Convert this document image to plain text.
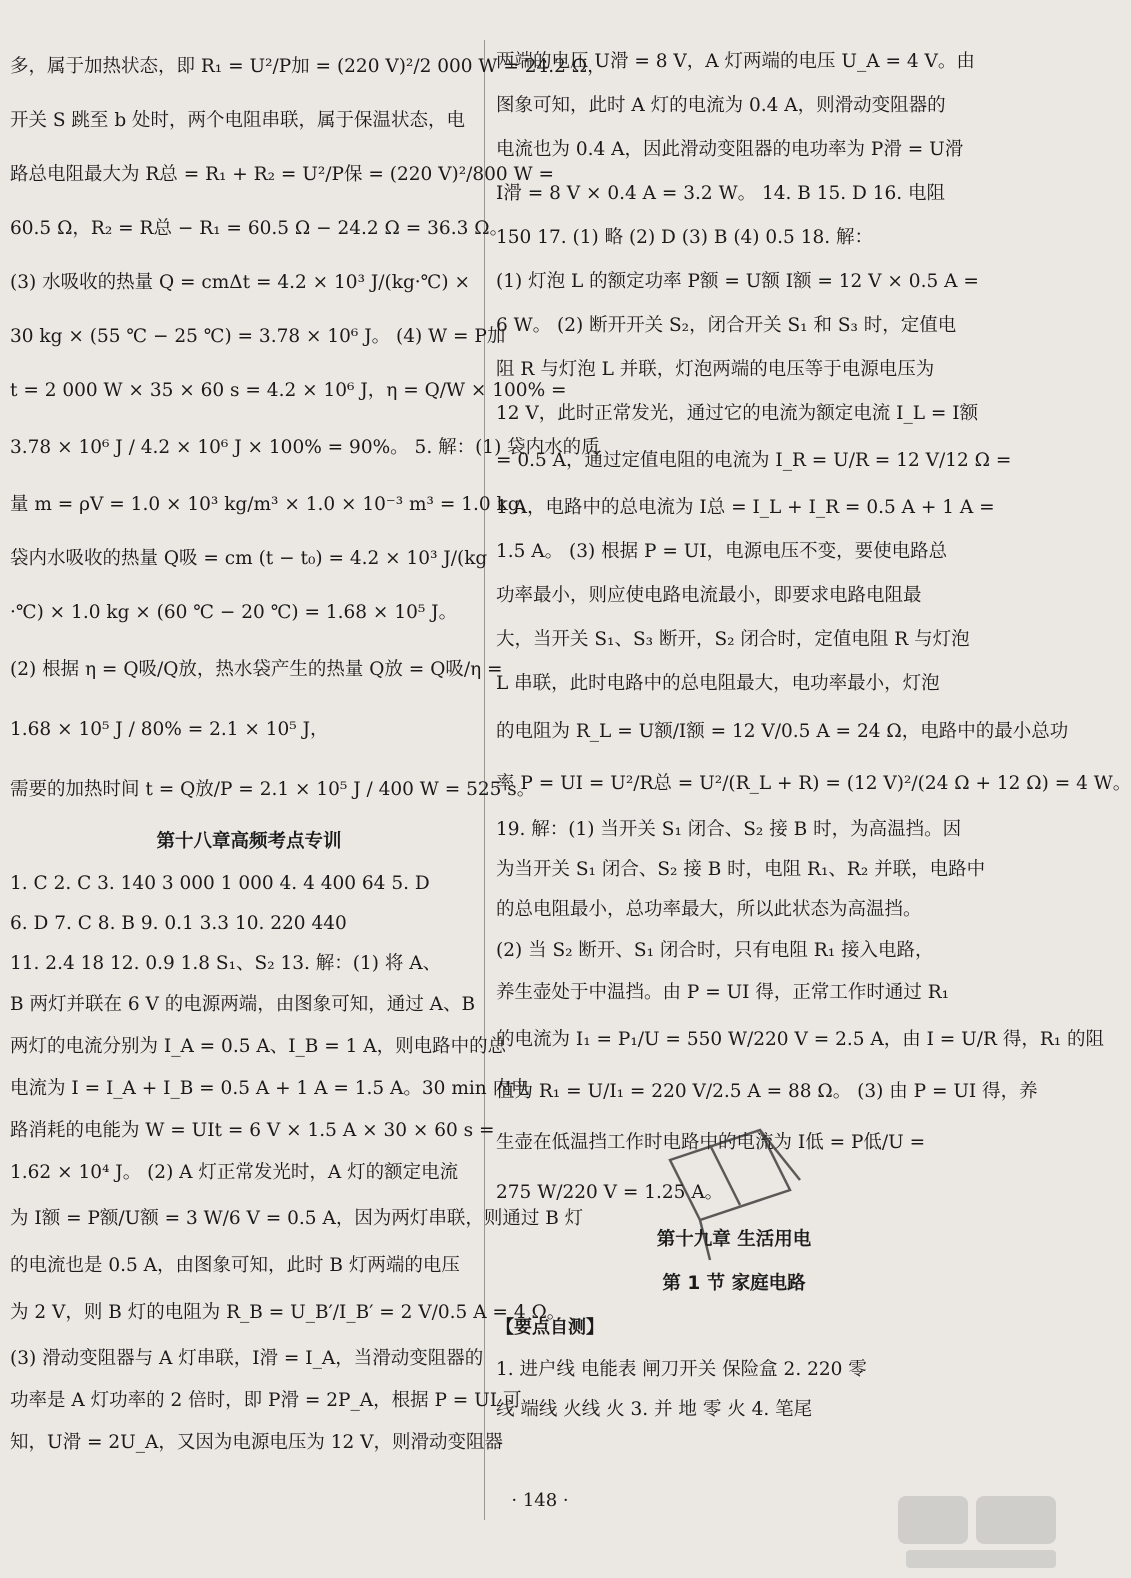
多，属于加热状态，即 R₁ = U²/P加 = (220 V)²/2 000 W = 24.2 Ω，
开关 S 跳至 b 处时，两个电阻串联，属于保温状态，电
路总电阻最大为 R总 = R₁ + R₂ = U²/P保 = (220 V)²/800 W =
60.5 Ω，R₂ = R总 − R₁ = 60.5 Ω − 24.2 Ω = 36.3 Ω。
(3) 水吸收的热量 Q = cmΔt = 4.2 × 10³ J/(kg·℃) ×
30 kg × (55 ℃ − 25 ℃) = 3.78 × 10⁶ J。 (4) W = P加
t = 2 000 W × 35 × 60 s = 4.2 × 10⁶ J，η = Q/W × 100% =
3.78 × 10⁶ J / 4.2 × 10⁶ J × 100% = 90%。 5. 解：(1) 袋内水的质
量 m = ρV = 1.0 × 10³ kg/m³ × 1.0 × 10⁻³ m³ = 1.0 kg，
袋内水吸收的热量 Q吸 = cm (t − t₀) = 4.2 × 10³ J/(kg
·℃) × 1.0 kg × (60 ℃ − 20 ℃) = 1.68 × 10⁵ J。
(2) 根据 η = Q吸/Q放，热水袋产生的热量 Q放 = Q吸/η =
1.68 × 10⁵ J / 80% = 2.1 × 10⁵ J，
需要的加热时间 t = Q放/P = 2.1 × 10⁵ J / 400 W = 525 s。
第十八章高频考点专训
1. C 2. C 3. 140 3 000 1 000 4. 4 400 64 5. D
6. D 7. C 8. B 9. 0.1 3.3 10. 220 440
11. 2.4 18 12. 0.9 1.8 S₁、S₂ 13. 解：(1) 将 A、
B 两灯并联在 6 V 的电源两端，由图象可知，通过 A、B
两灯的电流分别为 I_A = 0.5 A、I_B = 1 A，则电路中的总
电流为 I = I_A + I_B = 0.5 A + 1 A = 1.5 A。30 min 内电
路消耗的电能为 W = UIt = 6 V × 1.5 A × 30 × 60 s =
1.62 × 10⁴ J。 (2) A 灯正常发光时，A 灯的额定电流
为 I额 = P额/U额 = 3 W/6 V = 0.5 A，因为两灯串联，则通过 B 灯
的电流也是 0.5 A，由图象可知，此时 B 灯两端的电压
为 2 V，则 B 灯的电阻为 R_B = U_B′/I_B′ = 2 V/0.5 A = 4 Ω。
(3) 滑动变阻器与 A 灯串联，I滑 = I_A，当滑动变阻器的
功率是 A 灯功率的 2 倍时，即 P滑 = 2P_A，根据 P = UI 可
知，U滑 = 2U_A，又因为电源电压为 12 V，则滑动变阻器
两端的电压 U滑 = 8 V，A 灯两端的电压 U_A = 4 V。由
图象可知，此时 A 灯的电流为 0.4 A，则滑动变阻器的
电流也为 0.4 A，因此滑动变阻器的电功率为 P滑 = U滑
I滑 = 8 V × 0.4 A = 3.2 W。 14. B 15. D 16. 电阻
150 17. (1) 略 (2) D (3) B (4) 0.5 18. 解：
(1) 灯泡 L 的额定功率 P额 = U额 I额 = 12 V × 0.5 A =
6 W。 (2) 断开开关 S₂，闭合开关 S₁ 和 S₃ 时，定值电
阻 R 与灯泡 L 并联，灯泡两端的电压等于电源电压为
12 V，此时正常发光，通过它的电流为额定电流 I_L = I额
= 0.5 A，通过定值电阻的电流为 I_R = U/R = 12 V/12 Ω =
1 A，电路中的总电流为 I总 = I_L + I_R = 0.5 A + 1 A =
1.5 A。 (3) 根据 P = UI，电源电压不变，要使电路总
功率最小，则应使电路电流最小，即要求电路电阻最
大，当开关 S₁、S₃ 断开，S₂ 闭合时，定值电阻 R 与灯泡
L 串联，此时电路中的总电阻最大，电功率最小，灯泡
的电阻为 R_L = U额/I额 = 12 V/0.5 A = 24 Ω，电路中的最小总功
率 P = UI = U²/R总 = U²/(R_L + R) = (12 V)²/(24 Ω + 12 Ω) = 4 W。
19. 解：(1) 当开关 S₁ 闭合、S₂ 接 B 时，为高温挡。因
为当开关 S₁ 闭合、S₂ 接 B 时，电阻 R₁、R₂ 并联，电路中
的总电阻最小，总功率最大，所以此状态为高温挡。
(2) 当 S₂ 断开、S₁ 闭合时，只有电阻 R₁ 接入电路，
养生壶处于中温挡。由 P = UI 得，正常工作时通过 R₁
的电流为 I₁ = P₁/U = 550 W/220 V = 2.5 A，由 I = U/R 得，R₁ 的阻
值为 R₁ = U/I₁ = 220 V/2.5 A = 88 Ω。 (3) 由 P = UI 得，养
生壶在低温挡工作时电路中的电流为 I低 = P低/U =
275 W/220 V = 1.25 A。
第十九章 生活用电
第 1 节 家庭电路
【要点自测】
1. 进户线 电能表 闸刀开关 保险盒 2. 220 零
线 端线 火线 火 3. 并 地 零 火 4. 笔尾
· 148 ·
